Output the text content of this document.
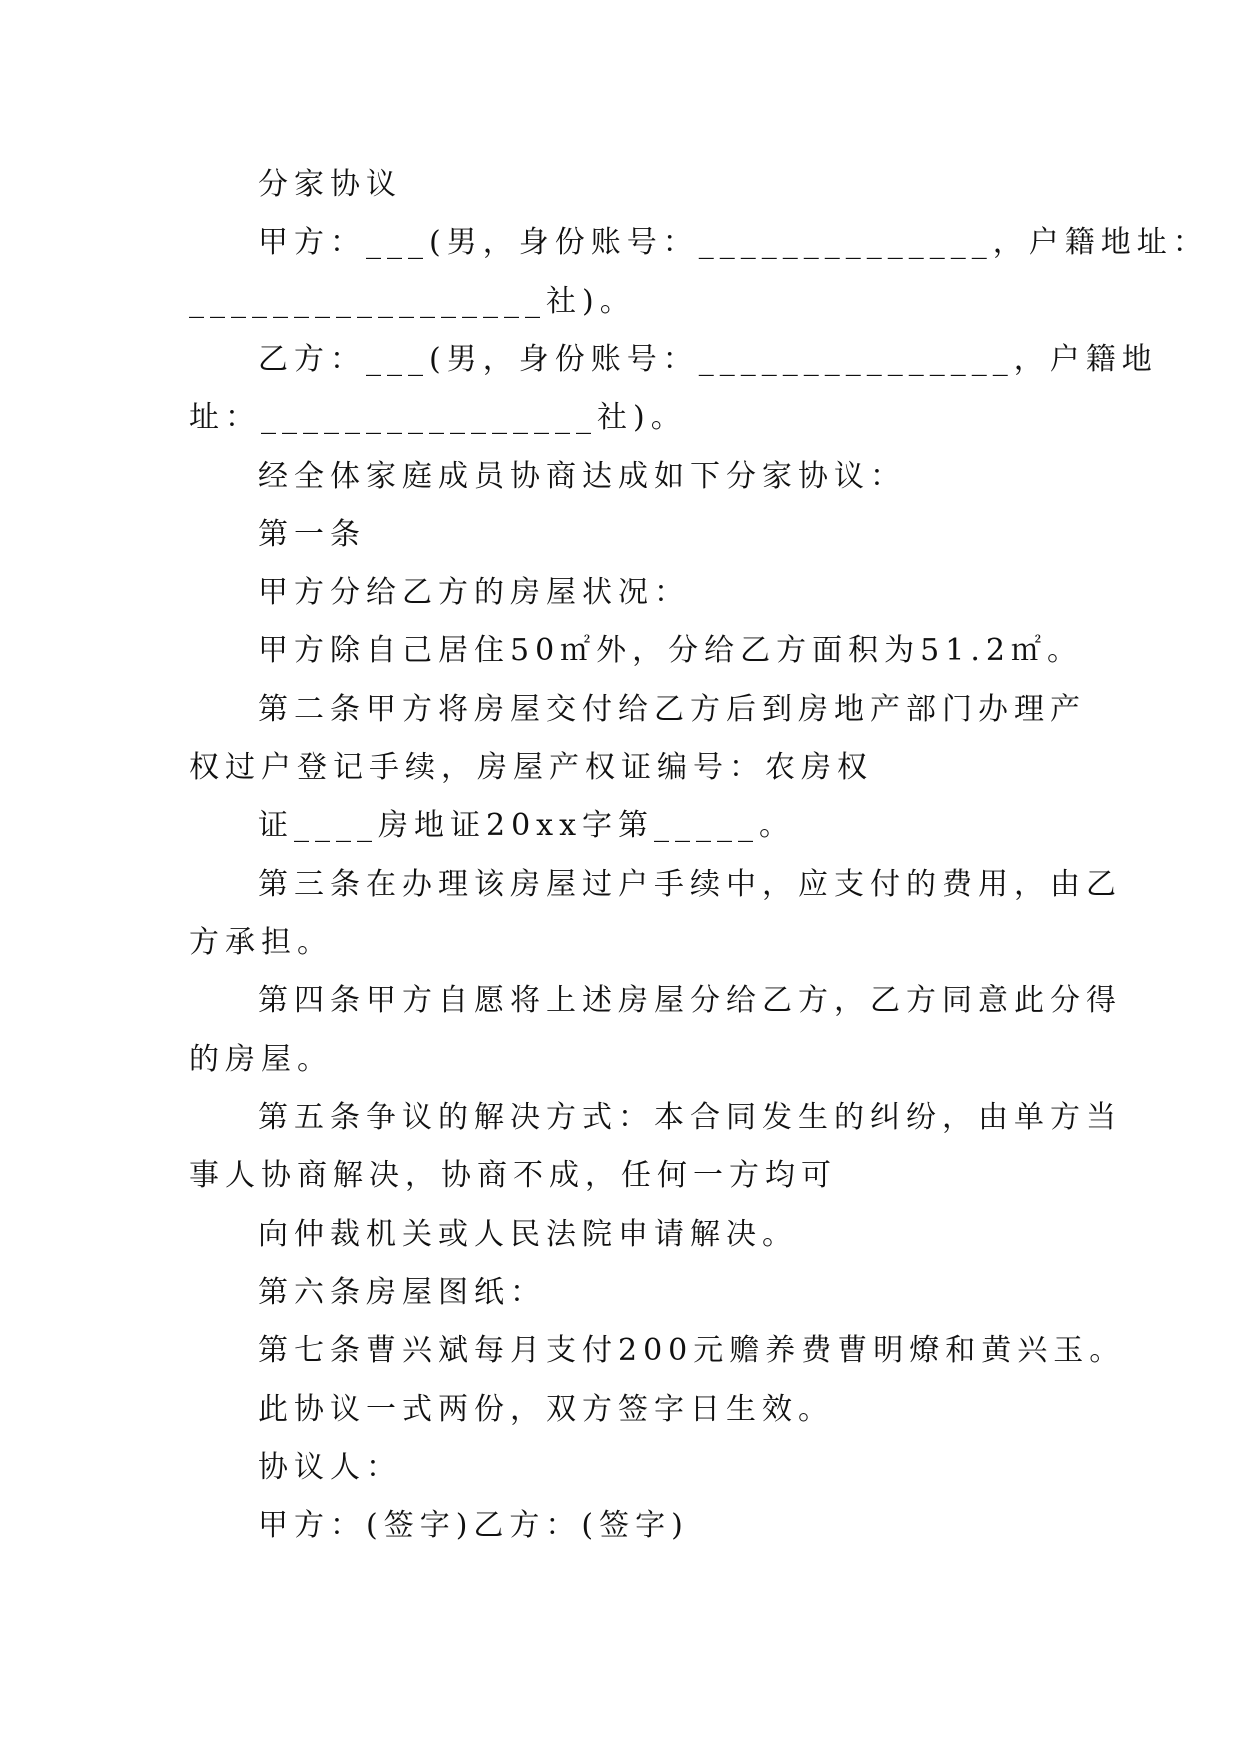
分家协议
甲方：___(男，身份账号：______________，户籍地址：
_________________社)。
乙方：___(男，身份账号：_______________，户籍地
址：________________社)。
经全体家庭成员协商达成如下分家协议：
第一条
甲方分给乙方的房屋状况：
甲方除自己居住50㎡外，分给乙方面积为51.2㎡。
第二条甲方将房屋交付给乙方后到房地产部门办理产
权过户登记手续，房屋产权证编号：农房权
证____房地证20xx字第_____。
第三条在办理该房屋过户手续中，应支付的费用，由乙
方承担。
第四条甲方自愿将上述房屋分给乙方，乙方同意此分得
的房屋。
第五条争议的解决方式：本合同发生的纠纷，由单方当
事人协商解决，协商不成，任何一方均可
向仲裁机关或人民法院申请解决。
第六条房屋图纸：
第七条曹兴斌每月支付200元赡养费曹明燎和黄兴玉。
此协议一式两份，双方签字日生效。
协议人：
甲方：(签字)乙方：(签字)
